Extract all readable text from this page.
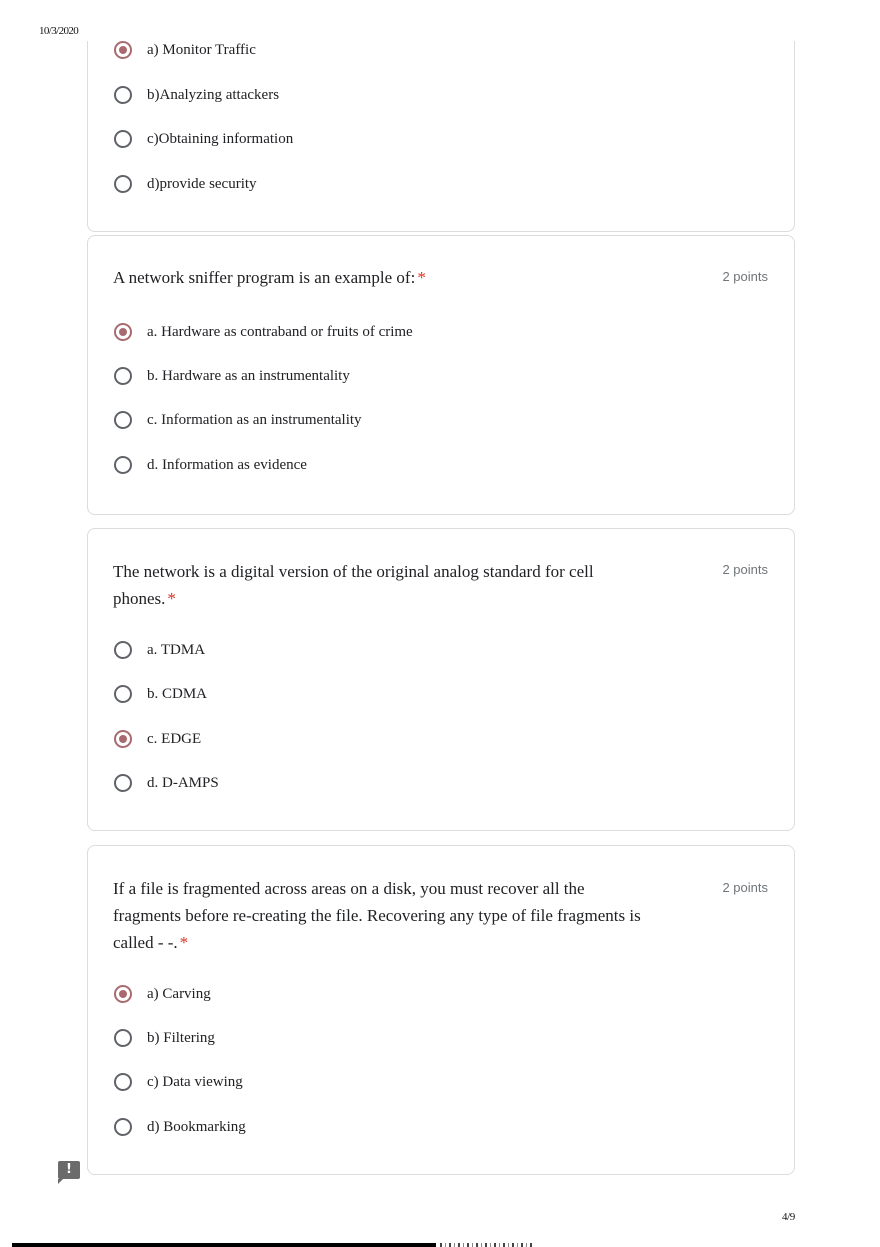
10/3/2020
a) Monitor Traffic
b)Analyzing attackers
c)Obtaining information
d)provide security
A network sniffer program is an example of: *	2 points
a. Hardware as contraband or fruits of crime
b. Hardware as an instrumentality
c. Information as an instrumentality
d. Information as evidence
The network is a digital version of the original analog standard for cell phones. *
2 points
a. TDMA
b. CDMA
c. EDGE
d. D-AMPS
If a file is fragmented across areas on a disk, you must recover all the fragments before re-creating the file. Recovering any type of file fragments is called - -. *
2 points
a) Carving
b) Filtering
c) Data viewing
d) Bookmarking
!
4/9
